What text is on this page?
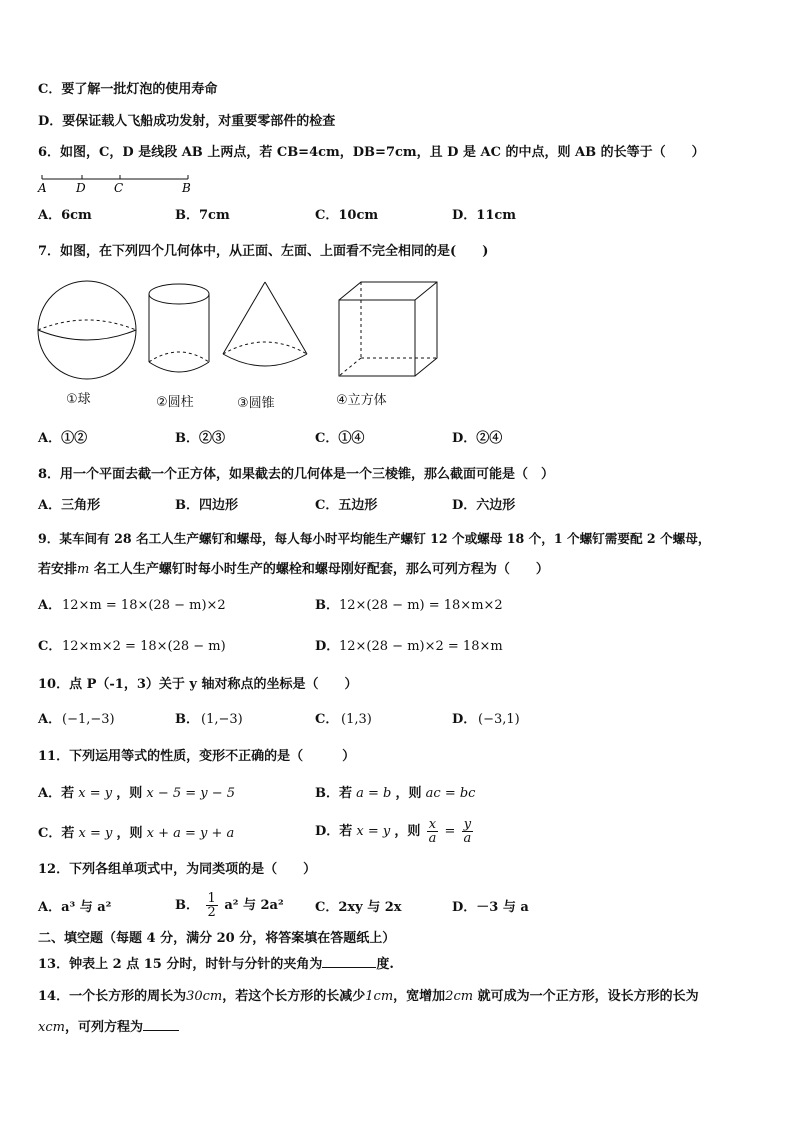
C．要了解一批灯泡的使用寿命
D．要保证载人飞船成功发射，对重要零部件的检查
6．如图，C，D 是线段 AB 上两点，若 CB=4cm，DB=7cm，且 D 是 AC 的中点，则 AB 的长等于（　　）
A D C	B
A．6cm	B．7cm	C．10cm	D．11cm
7．如图，在下列四个几何体中，从正面、左面、上面看不完全相同的是(　　)
①球	②圆柱	③圆锥	④立方体
A．①②	B．②③	C．①④	D．②④
8．用一个平面去截一个正方体，如果截去的几何体是一个三棱锥，那么截面可能是（　）
A．三角形	B．四边形	C．五边形	D．六边形
9．某车间有 28 名工人生产螺钉和螺母，每人每小时平均能生产螺钉 12 个或螺母 18 个，1 个螺钉需要配 2 个螺母，
若安排m 名工人生产螺钉时每小时生产的螺栓和螺母刚好配套，那么可列方程为（　　）
A． 12×m = 18×(28 − m)×2	B． 12×(28 − m) = 18×m×2
C． 12×m×2 = 18×(28 − m)	D． 12×(28 − m)×2 = 18×m
10．点 P（-1，3）关于 y 轴对称点的坐标是（　　）
A． (−1,−3)	B． (1,−3)	C． (1,3)	D． (−3,1)
11．下列运用等式的性质，变形不正确的是（　　　）
A．若 x = y ，则 x − 5 = y − 5	B．若 a = b ，则 ac = bc
C．若 x = y ，则 x + a = y + a	D．若 x = y ，则 $\frac{x}{a} = \frac{y}{a}$
12．下列各组单项式中，为同类项的是（　　）
A．a³ 与 a²	B． $\frac{1}{2} a^2$ 与 2a² C．2xy 与 2x	D．－3 与 a
二、填空题（每题 4 分，满分 20 分，将答案填在答题纸上）
13．钟表上 2 点 15 分时，时针与分针的夹角为	度.
14．一个长方形的周长为30cm，若这个长方形的长减少1cm，宽增加2cm 就可成为一个正方形，设长方形的长为
xcm，可列方程为
